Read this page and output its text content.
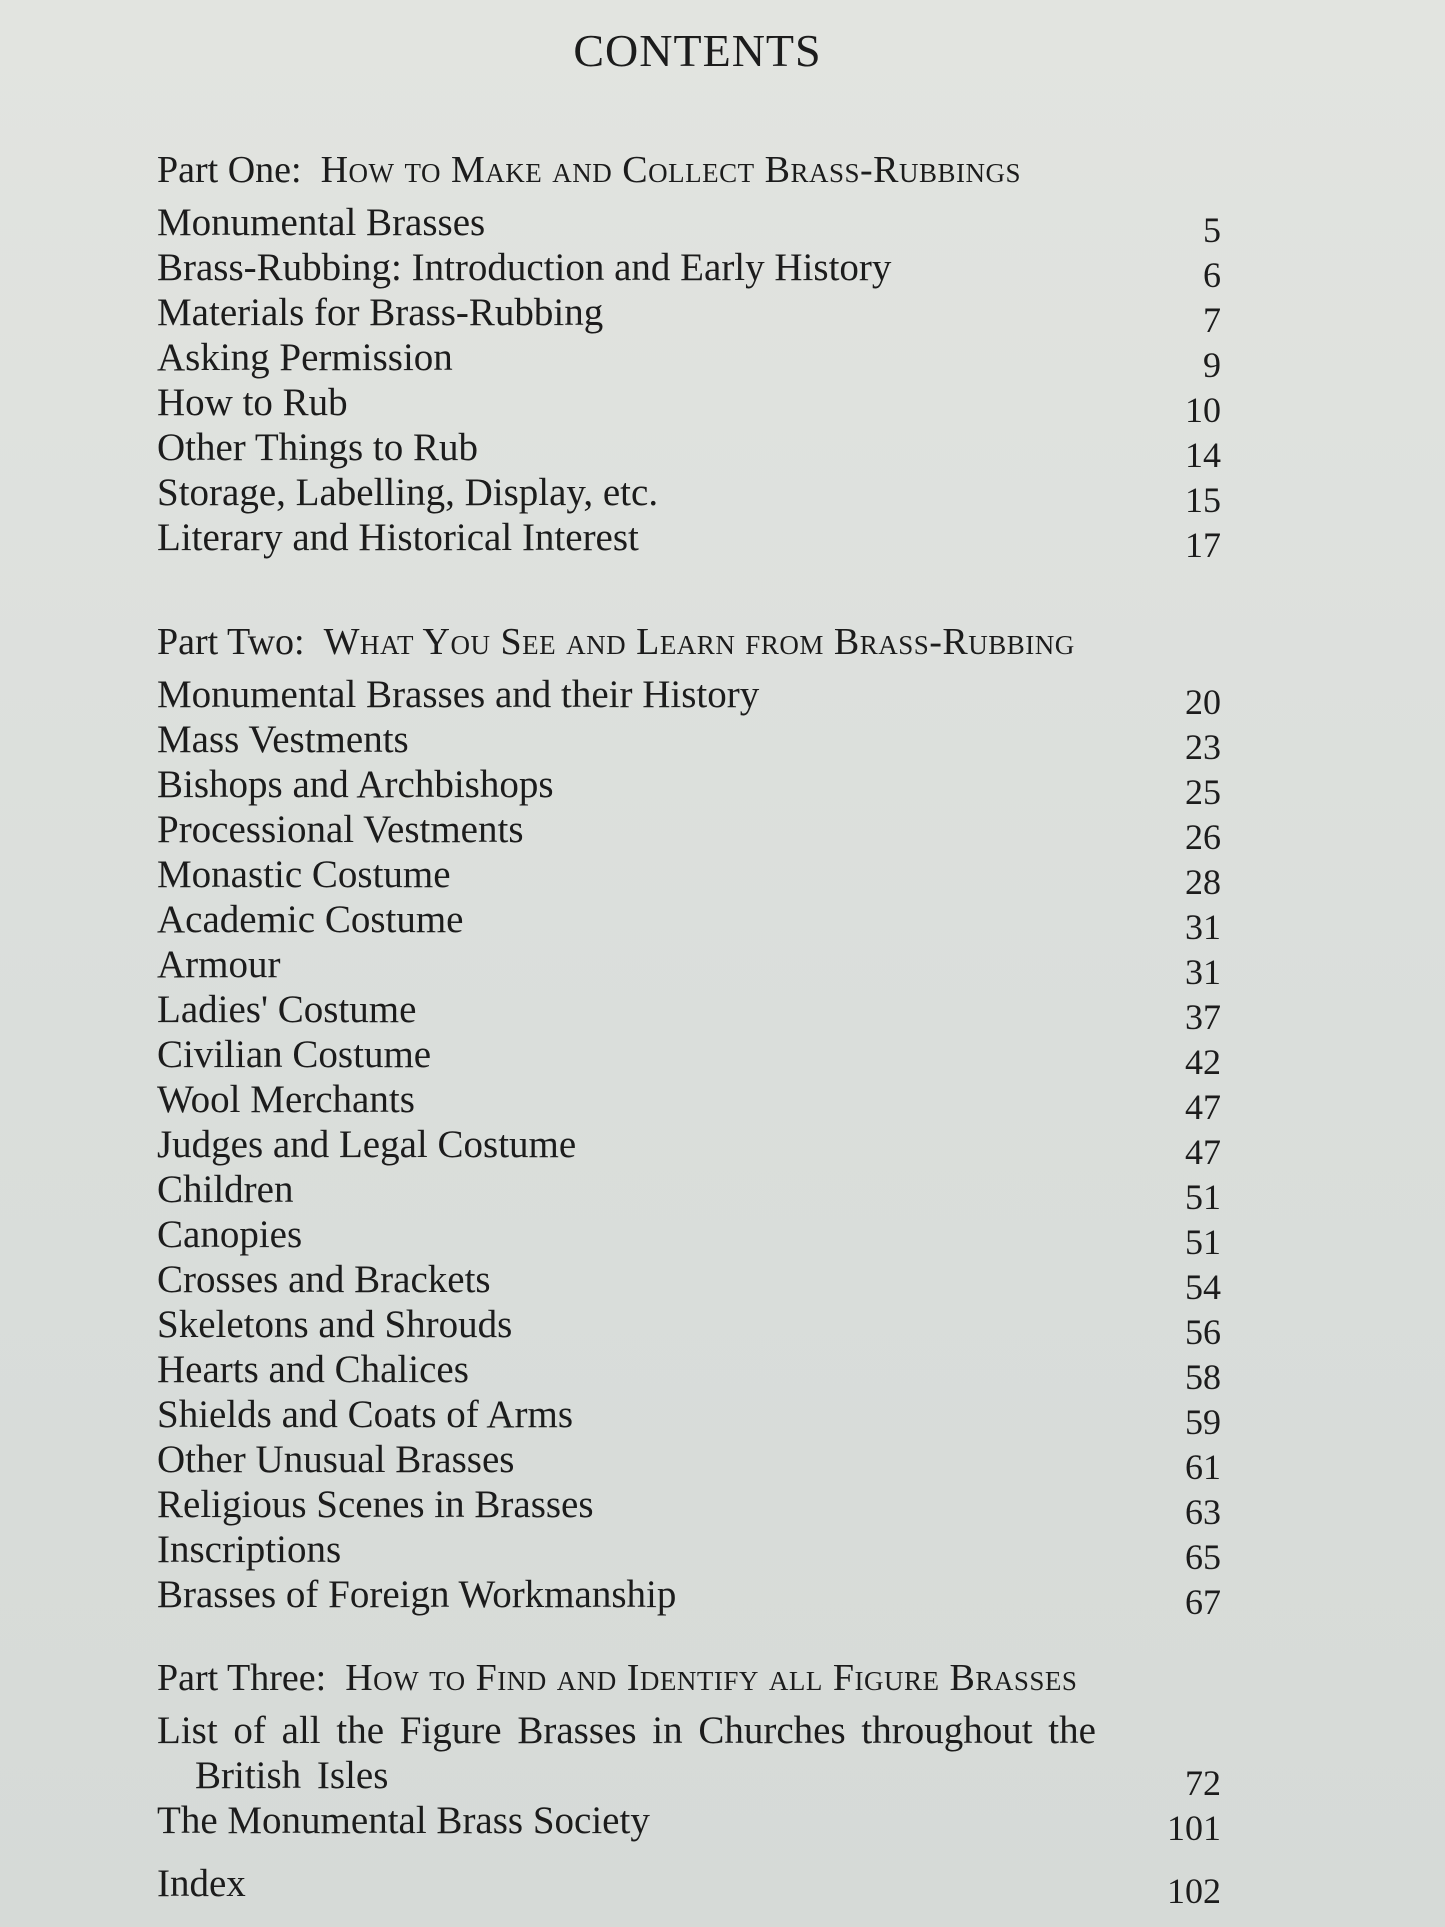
CONTENTS
Part One: How to Make and Collect Brass-Rubbings
Monumental Brasses	5
Brass-Rubbing: Introduction and Early History	6
Materials for Brass-Rubbing	7
Asking Permission	9
How to Rub	10
Other Things to Rub	14
Storage, Labelling, Display, etc.	15
Literary and Historical Interest	17
Part Two: What You See and Learn from Brass-Rubbing
Monumental Brasses and their History	20
Mass Vestments	23
Bishops and Archbishops	25
Processional Vestments	26
Monastic Costume	28
Academic Costume	31
Armour	31
Ladies' Costume	37
Civilian Costume	42
Wool Merchants	47
Judges and Legal Costume	47
Children	51
Canopies	51
Crosses and Brackets	54
Skeletons and Shrouds	56
Hearts and Chalices	58
Shields and Coats of Arms	59
Other Unusual Brasses	61
Religious Scenes in Brasses	63
Inscriptions	65
Brasses of Foreign Workmanship	67
Part Three: How to Find and Identify all Figure Brasses
List of all the Figure Brasses in Churches throughout the
British Isles	72
The Monumental Brass Society	101
Index	102
